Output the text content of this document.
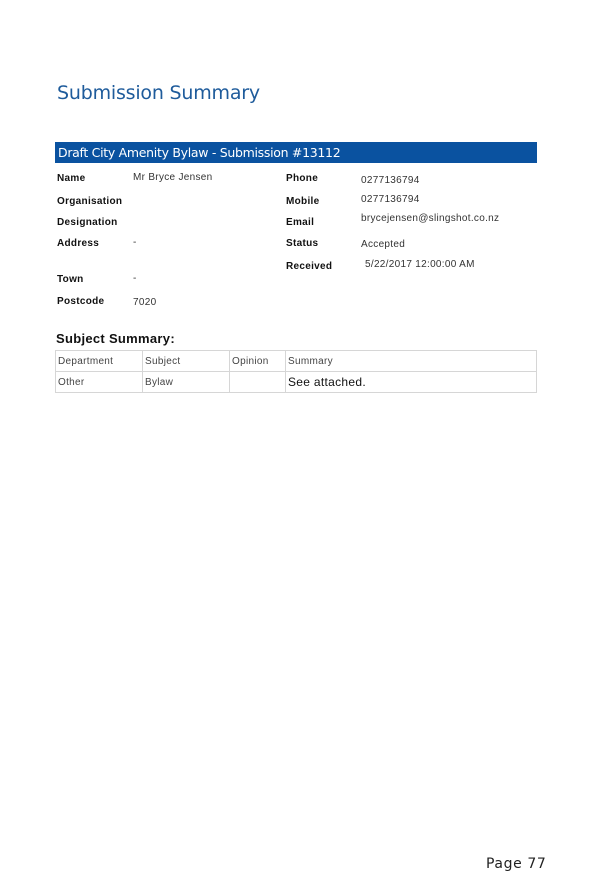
Submission Summary
Draft City Amenity Bylaw - Submission #13112
Name	Mr Bryce Jensen
Organisation
Designation
Address	-
Town	-
Postcode	7020
Phone	0277136794
Mobile	0277136794
Email	brycejensen@slingshot.co.nz
Status	Accepted
Received	5/22/2017 12:00:00 AM
Subject Summary:
Department	Subject	Opinion	Summary
Other	Bylaw		See attached.
Page 77
